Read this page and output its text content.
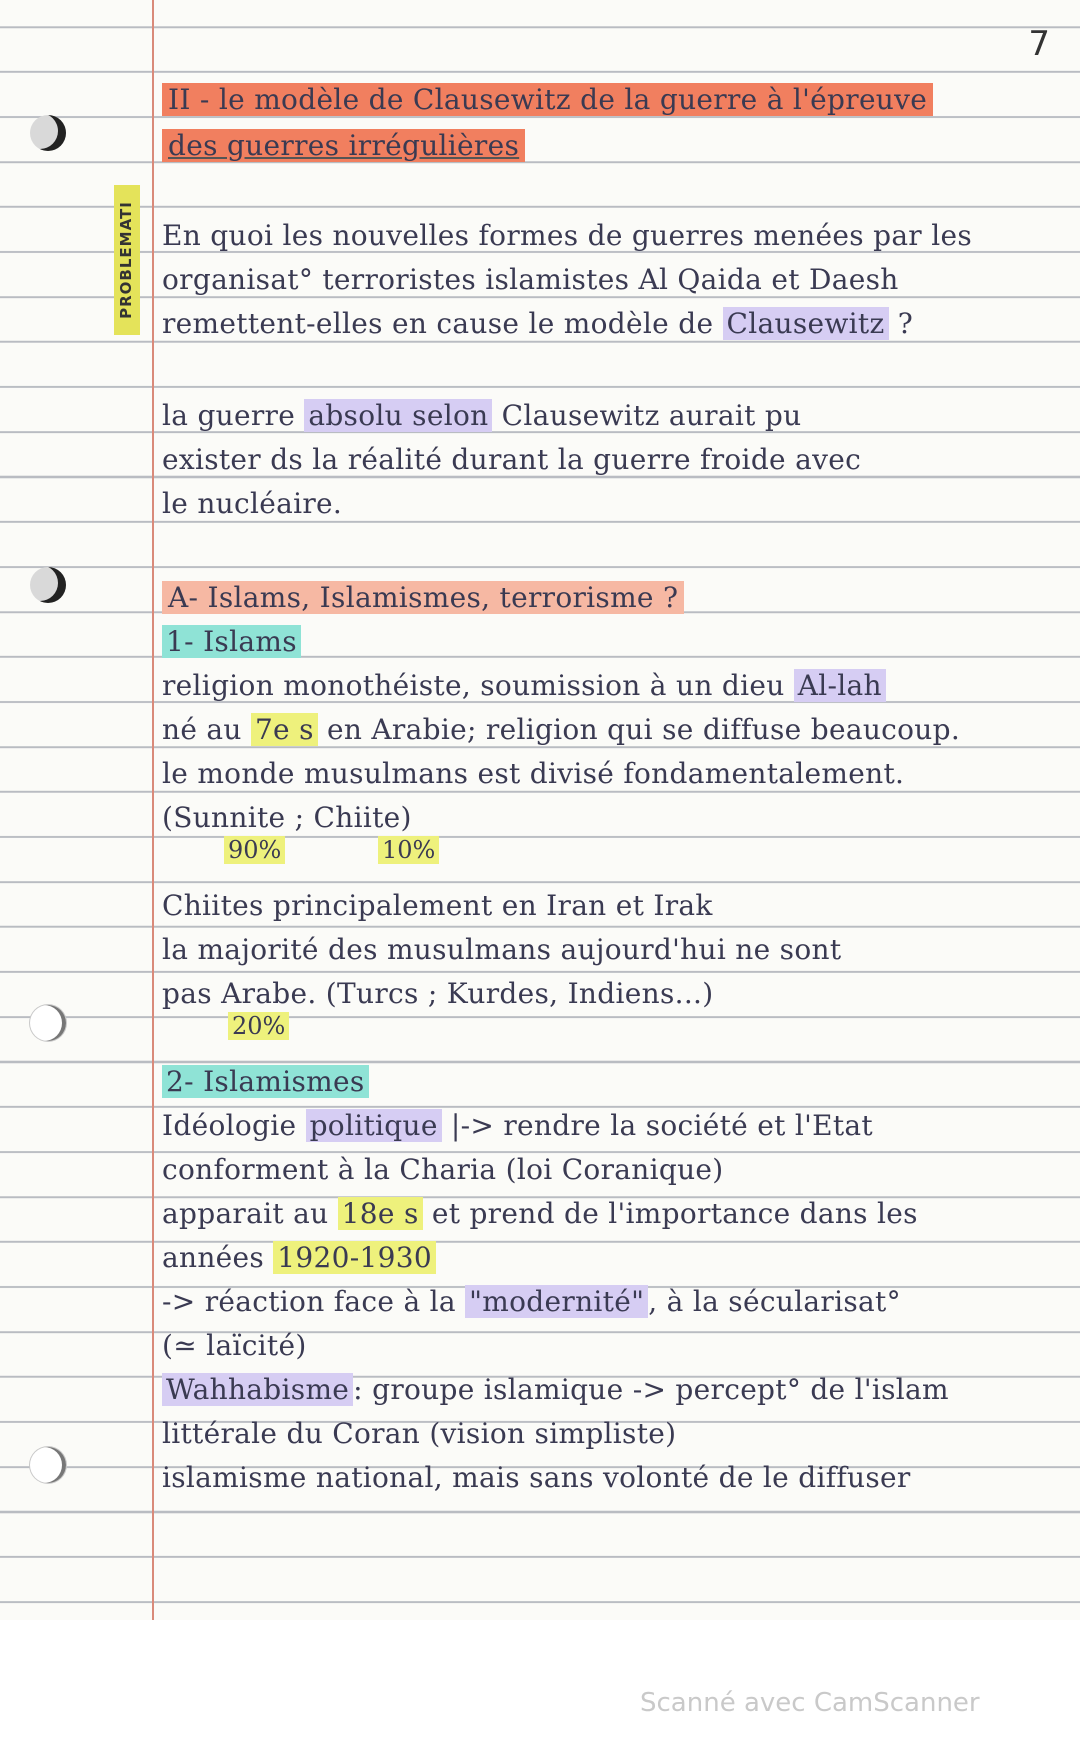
7
PROBLEMATI
II - le modèle de Clausewitz de la guerre à l'épreuve
des guerres irrégulières
En quoi les nouvelles formes de guerres menées par les
organisat° terroristes islamistes Al Qaida et Daesh
remettent-elles en cause le modèle de Clausewitz ?
la guerre absolu selon Clausewitz aurait pu
exister ds la réalité durant la guerre froide avec
le nucléaire.
A- Islams, Islamismes, terrorisme ?
1- Islams
religion monothéiste, soumission à un dieu Al-lah
né au 7e s en Arabie; religion qui se diffuse beaucoup.
le monde musulmans est divisé fondamentalement.
(Sunnite ; Chiite)
90%	10%
Chiites principalement en Iran et Irak
la majorité des musulmans aujourd'hui ne sont
pas Arabe. (Turcs ; Kurdes, Indiens...)
20%
2- Islamismes
Idéologie politique |-> rendre la société et l'Etat
conforment à la Charia (loi Coranique)
apparait au 18e s et prend de l'importance dans les
années 1920-1930
-> réaction face à la "modernité" , à la sécularisat°
(≃ laïcité)
Wahhabisme : groupe islamique -> percept° de l'islam
littérale du Coran (vision simpliste)
islamisme national, mais sans volonté de le diffuser
Scanné avec CamScanner
